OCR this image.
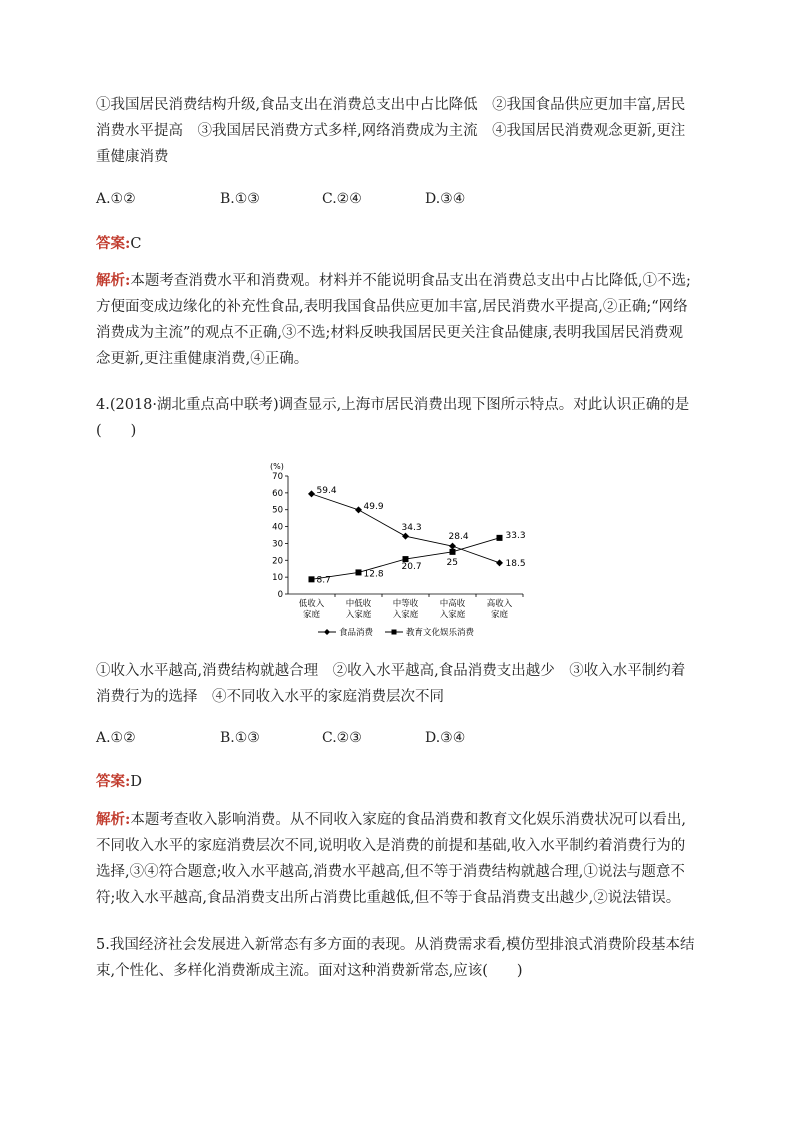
①我国居民消费结构升级,食品支出在消费总支出中占比降低　②我国食品供应更加丰富,居民消费水平提高　③我国居民消费方式多样,网络消费成为主流　④我国居民消费观念更新,更注重健康消费

A.①②	B.①③	C.②④	D.③④
答案:C

解析:本题考查消费水平和消费观。材料并不能说明食品支出在消费总支出中占比降低,①不选;方便面变成边缘化的补充性食品,表明我国食品供应更加丰富,居民消费水平提高,②正确;“网络消费成为主流”的观点不正确,③不选;材料反映我国居民更关注食品健康,表明我国居民消费观念更新,更注重健康消费,④正确。

4.(2018·湖北重点高中联考)调查显示,上海市居民消费出现下图所示特点。对此认识正确的是(　　)

(%)
0
10
20
30
40
50
60
70
低收入
家庭
中低收
入家庭
中等收
入家庭
中高收
入家庭
高收入
家庭
59.4
49.9
34.3
28.4
18.5
8.7
12.8
20.7	25
33.3
食品消费	教育文化娱乐消费

①收入水平越高,消费结构就越合理　②收入水平越高,食品消费支出越少　③收入水平制约着消费行为的选择　④不同收入水平的家庭消费层次不同

A.①②	B.①③	C.②③	D.③④
答案:D

解析:本题考查收入影响消费。从不同收入家庭的食品消费和教育文化娱乐消费状况可以看出,不同收入水平的家庭消费层次不同,说明收入是消费的前提和基础,收入水平制约着消费行为的选择,③④符合题意;收入水平越高,消费水平越高,但不等于消费结构就越合理,①说法与题意不符;收入水平越高,食品消费支出所占消费比重越低,但不等于食品消费支出越少,②说法错误。

5.我国经济社会发展进入新常态有多方面的表现。从消费需求看,模仿型排浪式消费阶段基本结束,个性化、多样化消费渐成主流。面对这种消费新常态,应该(　　)
